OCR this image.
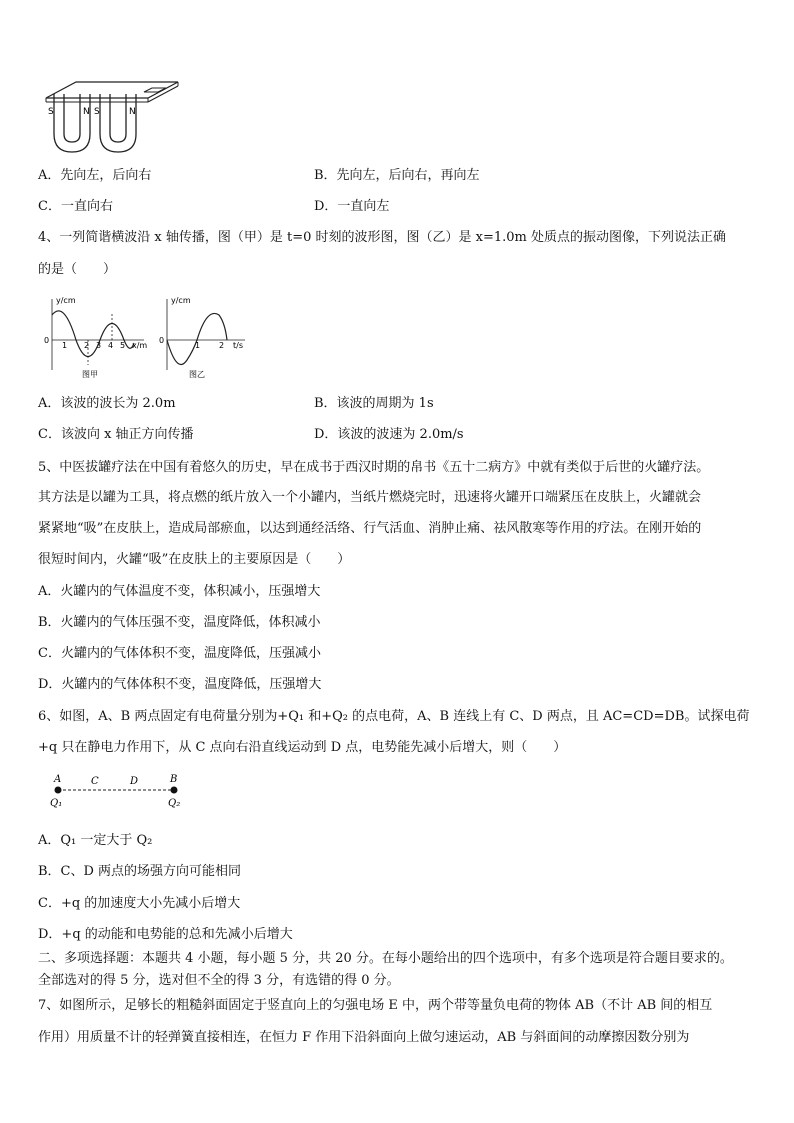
S	N S	N
A．先向左，后向右	B．先向左，后向右，再向左
C．一直向右	D．一直向左
4、一列简谐横波沿 x 轴传播，图（甲）是 t=0 时刻的波形图，图（乙）是 x=1.0m 处质点的振动图像，下列说法正确
的是（　　）
y/cm
0
1 2 3 4 5 x/m
图甲
y/cm
0
1 2 t/s
图乙
A．该波的波长为 2.0m	B．该波的周期为 1s
C．该波向 x 轴正方向传播	D．该波的波速为 2.0m/s
5、中医拔罐疗法在中国有着悠久的历史，早在成书于西汉时期的帛书《五十二病方》中就有类似于后世的火罐疗法。
其方法是以罐为工具，将点燃的纸片放入一个小罐内，当纸片燃烧完时，迅速将火罐开口端紧压在皮肤上，火罐就会
紧紧地“吸”在皮肤上，造成局部瘀血，以达到通经活络、行气活血、消肿止痛、祛风散寒等作用的疗法。在刚开始的
很短时间内，火罐“吸”在皮肤上的主要原因是（　　）
A．火罐内的气体温度不变，体积减小，压强增大
B．火罐内的气体压强不变，温度降低，体积减小
C．火罐内的气体体积不变，温度降低，压强减小
D．火罐内的气体体积不变，温度降低，压强增大
6、如图，A、B 两点固定有电荷量分别为+Q₁ 和+Q₂ 的点电荷，A、B 连线上有 C、D 两点，且 AC=CD=DB。试探电荷
+q 只在静电力作用下，从 C 点向右沿直线运动到 D 点，电势能先减小后增大，则（　　）
A	C	D	B
Q₁	Q₂
A．Q₁ 一定大于 Q₂
B．C、D 两点的场强方向可能相同
C．+q 的加速度大小先减小后增大
D．+q 的动能和电势能的总和先减小后增大
二、多项选择题：本题共 4 小题，每小题 5 分，共 20 分。在每小题给出的四个选项中，有多个选项是符合题目要求的。
全部选对的得 5 分，选对但不全的得 3 分，有选错的得 0 分。
7、如图所示，足够长的粗糙斜面固定于竖直向上的匀强电场 E 中，两个带等量负电荷的物体 AB（不计 AB 间的相互
作用）用质量不计的轻弹簧直接相连，在恒力 F 作用下沿斜面向上做匀速运动，AB 与斜面间的动摩擦因数分别为
